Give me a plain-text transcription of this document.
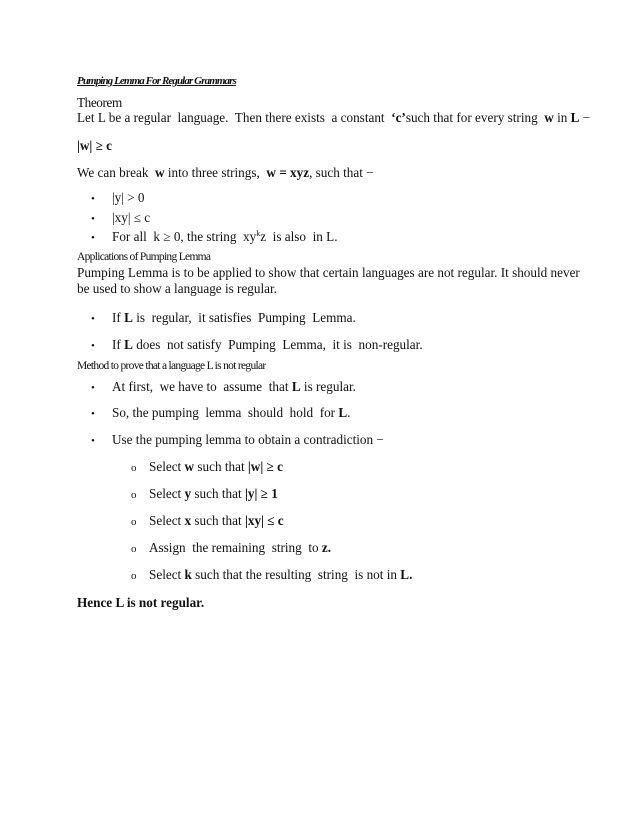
Pumping Lemma For Regular Grammars
Theorem
Let L be a regular  language.  Then there exists  a constant  ‘c’such that for every string  w in L −
|w| ≥ c
We can break  w into three strings,  w = xyz, such that −
• |y| > 0
• |xy| ≤ c
• For all  k ≥ 0, the string  $xy^kz$  is also  in L.
Applications of Pumping Lemma
Pumping Lemma is to be applied to show that certain languages are not regular. It should never
be used to show a language is regular.
• If L is  regular,  it satisfies  Pumping  Lemma.
• If L does  not satisfy  Pumping  Lemma,  it is  non-regular.
Method to prove that a language L is not regular
• At first,  we have to  assume  that L is regular.
• So, the pumping  lemma  should  hold  for L.
• Use the pumping lemma to obtain a contradiction −
o Select w such that |w| ≥ c
o Select y such that |y| ≥ 1
o Select x such that |xy| ≤ c
o Assign  the remaining  string  to z.
o Select k such that the resulting  string  is not in L.
Hence L is not regular.
